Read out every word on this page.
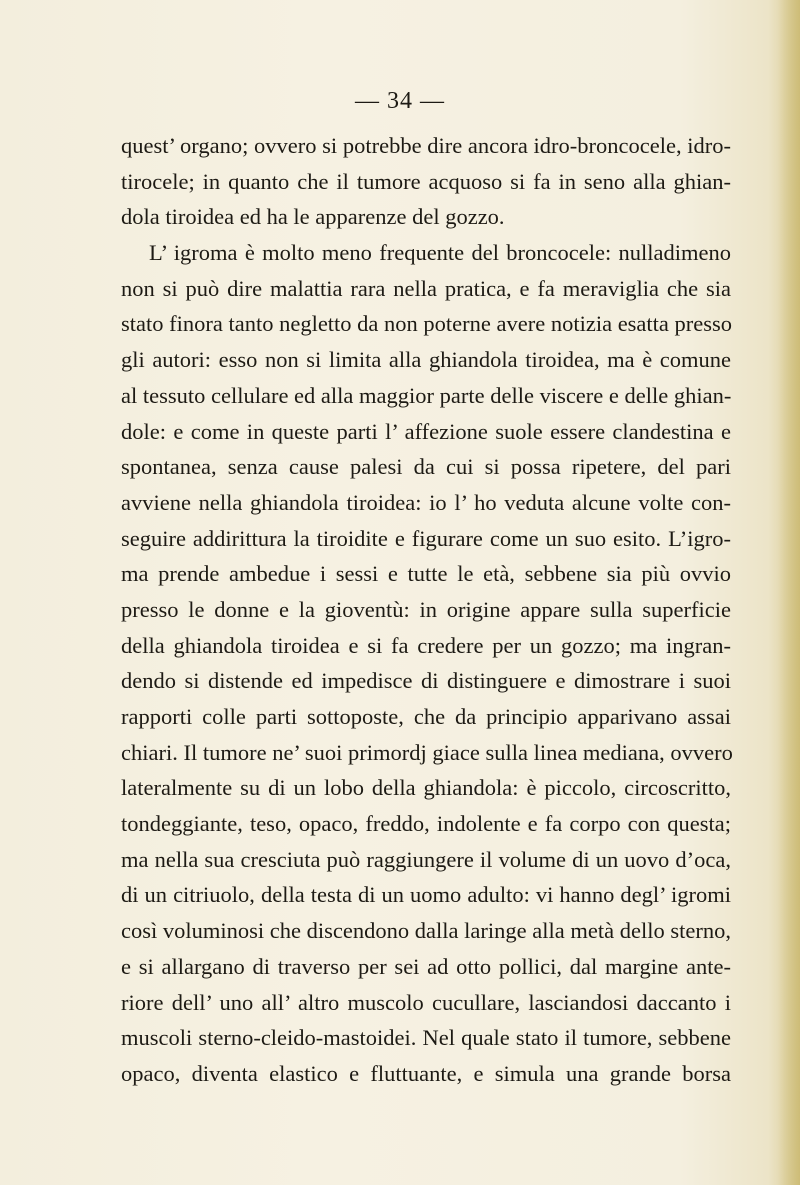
— 34 —
quest’ organo; ovvero si potrebbe dire ancora idro-broncocele, idro-
tirocele; in quanto che il tumore acquoso si fa in seno alla ghian-
dola tiroidea ed ha le apparenze del gozzo.
L’ igroma è molto meno frequente del broncocele: nulladimeno
non si può dire malattia rara nella pratica, e fa meraviglia che sia
stato finora tanto negletto da non poterne avere notizia esatta presso
gli autori: esso non si limita alla ghiandola tiroidea, ma è comune
al tessuto cellulare ed alla maggior parte delle viscere e delle ghian-
dole: e come in queste parti l’ affezione suole essere clandestina e
spontanea, senza cause palesi da cui si possa ripetere, del pari
avviene nella ghiandola tiroidea: io l’ ho veduta alcune volte con-
seguire addirittura la tiroidite e figurare come un suo esito. L’igro-
ma prende ambedue i sessi e tutte le età, sebbene sia più ovvio
presso le donne e la gioventù: in origine appare sulla superficie
della ghiandola tiroidea e si fa credere per un gozzo; ma ingran-
dendo si distende ed impedisce di distinguere e dimostrare i suoi
rapporti colle parti sottoposte, che da principio apparivano assai
chiari. Il tumore ne’ suoi primordj giace sulla linea mediana, ovvero
lateralmente su di un lobo della ghiandola: è piccolo, circoscritto,
tondeggiante, teso, opaco, freddo, indolente e fa corpo con questa;
ma nella sua cresciuta può raggiungere il volume di un uovo d’oca,
di un citriuolo, della testa di un uomo adulto: vi hanno degl’ igromi
così voluminosi che discendono dalla laringe alla metà dello sterno,
e si allargano di traverso per sei ad otto pollici, dal margine ante-
riore dell’ uno all’ altro muscolo cucullare, lasciandosi daccanto i
muscoli sterno-cleido-mastoidei. Nel quale stato il tumore, sebbene
opaco, diventa elastico e fluttuante, e simula una grande borsa
